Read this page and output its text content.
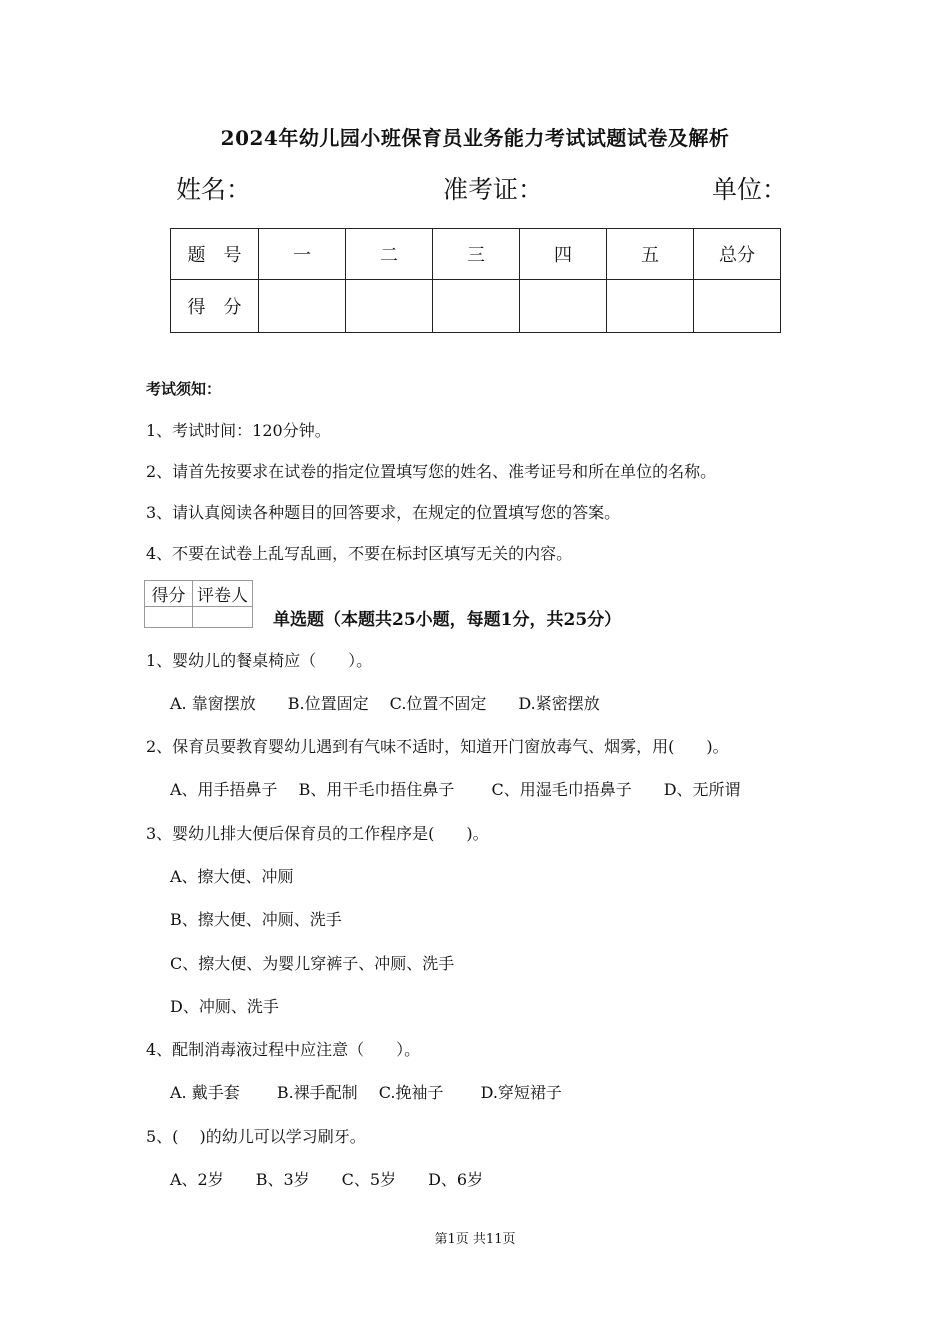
2024年幼儿园小班保育员业务能力考试试题试卷及解析
姓名：	准考证：	单位：
题　号	一	二	三	四	五	总分
得　分						
考试须知：
1、考试时间：120分钟。
2、请首先按要求在试卷的指定位置填写您的姓名、准考证号和所在单位的名称。
3、请认真阅读各种题目的回答要求，在规定的位置填写您的答案。
4、不要在试卷上乱写乱画，不要在标封区填写无关的内容。
得分	评卷人

单选题（本题共25小题，每题1分，共25分）
1、婴幼儿的餐桌椅应（　　）。
A. 靠窗摆放　　B.位置固定　 C.位置不固定　　D.紧密摆放
2、保育员要教育婴幼儿遇到有气味不适时，知道开门窗放毒气、烟雾，用(　　)。
A、用手捂鼻子　 B、用干毛巾捂住鼻子　　 C、用湿毛巾捂鼻子　　D、无所谓
3、婴幼儿排大便后保育员的工作程序是(　　)。
A、擦大便、冲厕
B、擦大便、冲厕、洗手
C、擦大便、为婴儿穿裤子、冲厕、洗手
D、冲厕、洗手
4、配制消毒液过程中应注意（　　）。
A. 戴手套　　 B.裸手配制　 C.挽袖子　　 D.穿短裙子
5、(　 )的幼儿可以学习刷牙。
A、2岁　　B、3岁　　C、5岁　　D、6岁
第1页 共11页
